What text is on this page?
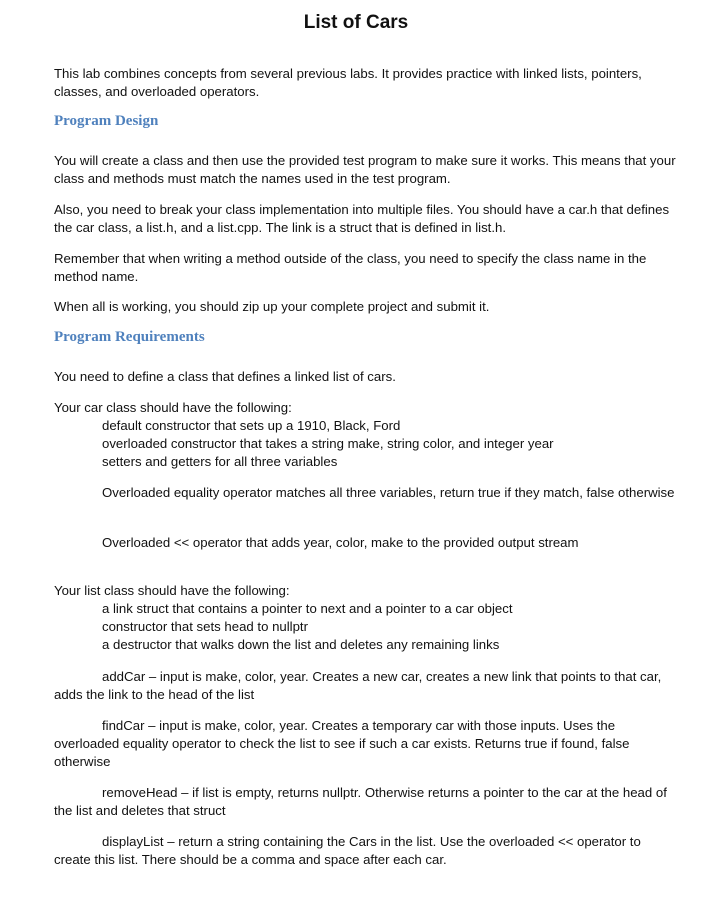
List of Cars

This lab combines concepts from several previous labs. It provides practice with linked lists, pointers, classes, and overloaded operators.

Program Design

You will create a class and then use the provided test program to make sure it works. This means that your class and methods must match the names used in the test program.

Also, you need to break your class implementation into multiple files. You should have a car.h that defines the car class, a list.h, and a list.cpp. The link is a struct that is defined in list.h.

Remember that when writing a method outside of the class, you need to specify the class name in the method name.

When all is working, you should zip up your complete project and submit it.

Program Requirements

You need to define a class that defines a linked list of cars.

Your car class should have the following:
default constructor that sets up a 1910, Black, Ford
overloaded constructor that takes a string make, string color, and integer year
setters and getters for all three variables

Overloaded equality operator matches all three variables, return true if they match, false otherwise

Overloaded << operator that adds year, color, make to the provided output stream

Your list class should have the following:
a link struct that contains a pointer to next and a pointer to a car object
constructor that sets head to nullptr
a destructor that walks down the list and deletes any remaining links

addCar – input is make, color, year. Creates a new car, creates a new link that points to that car, adds the link to the head of the list

findCar – input is make, color, year. Creates a temporary car with those inputs. Uses the overloaded equality operator to check the list to see if such a car exists. Returns true if found, false otherwise

removeHead – if list is empty, returns nullptr. Otherwise returns a pointer to the car at the head of the list and deletes that struct

displayList – return a string containing the Cars in the list. Use the overloaded << operator to create this list. There should be a comma and space after each car.
